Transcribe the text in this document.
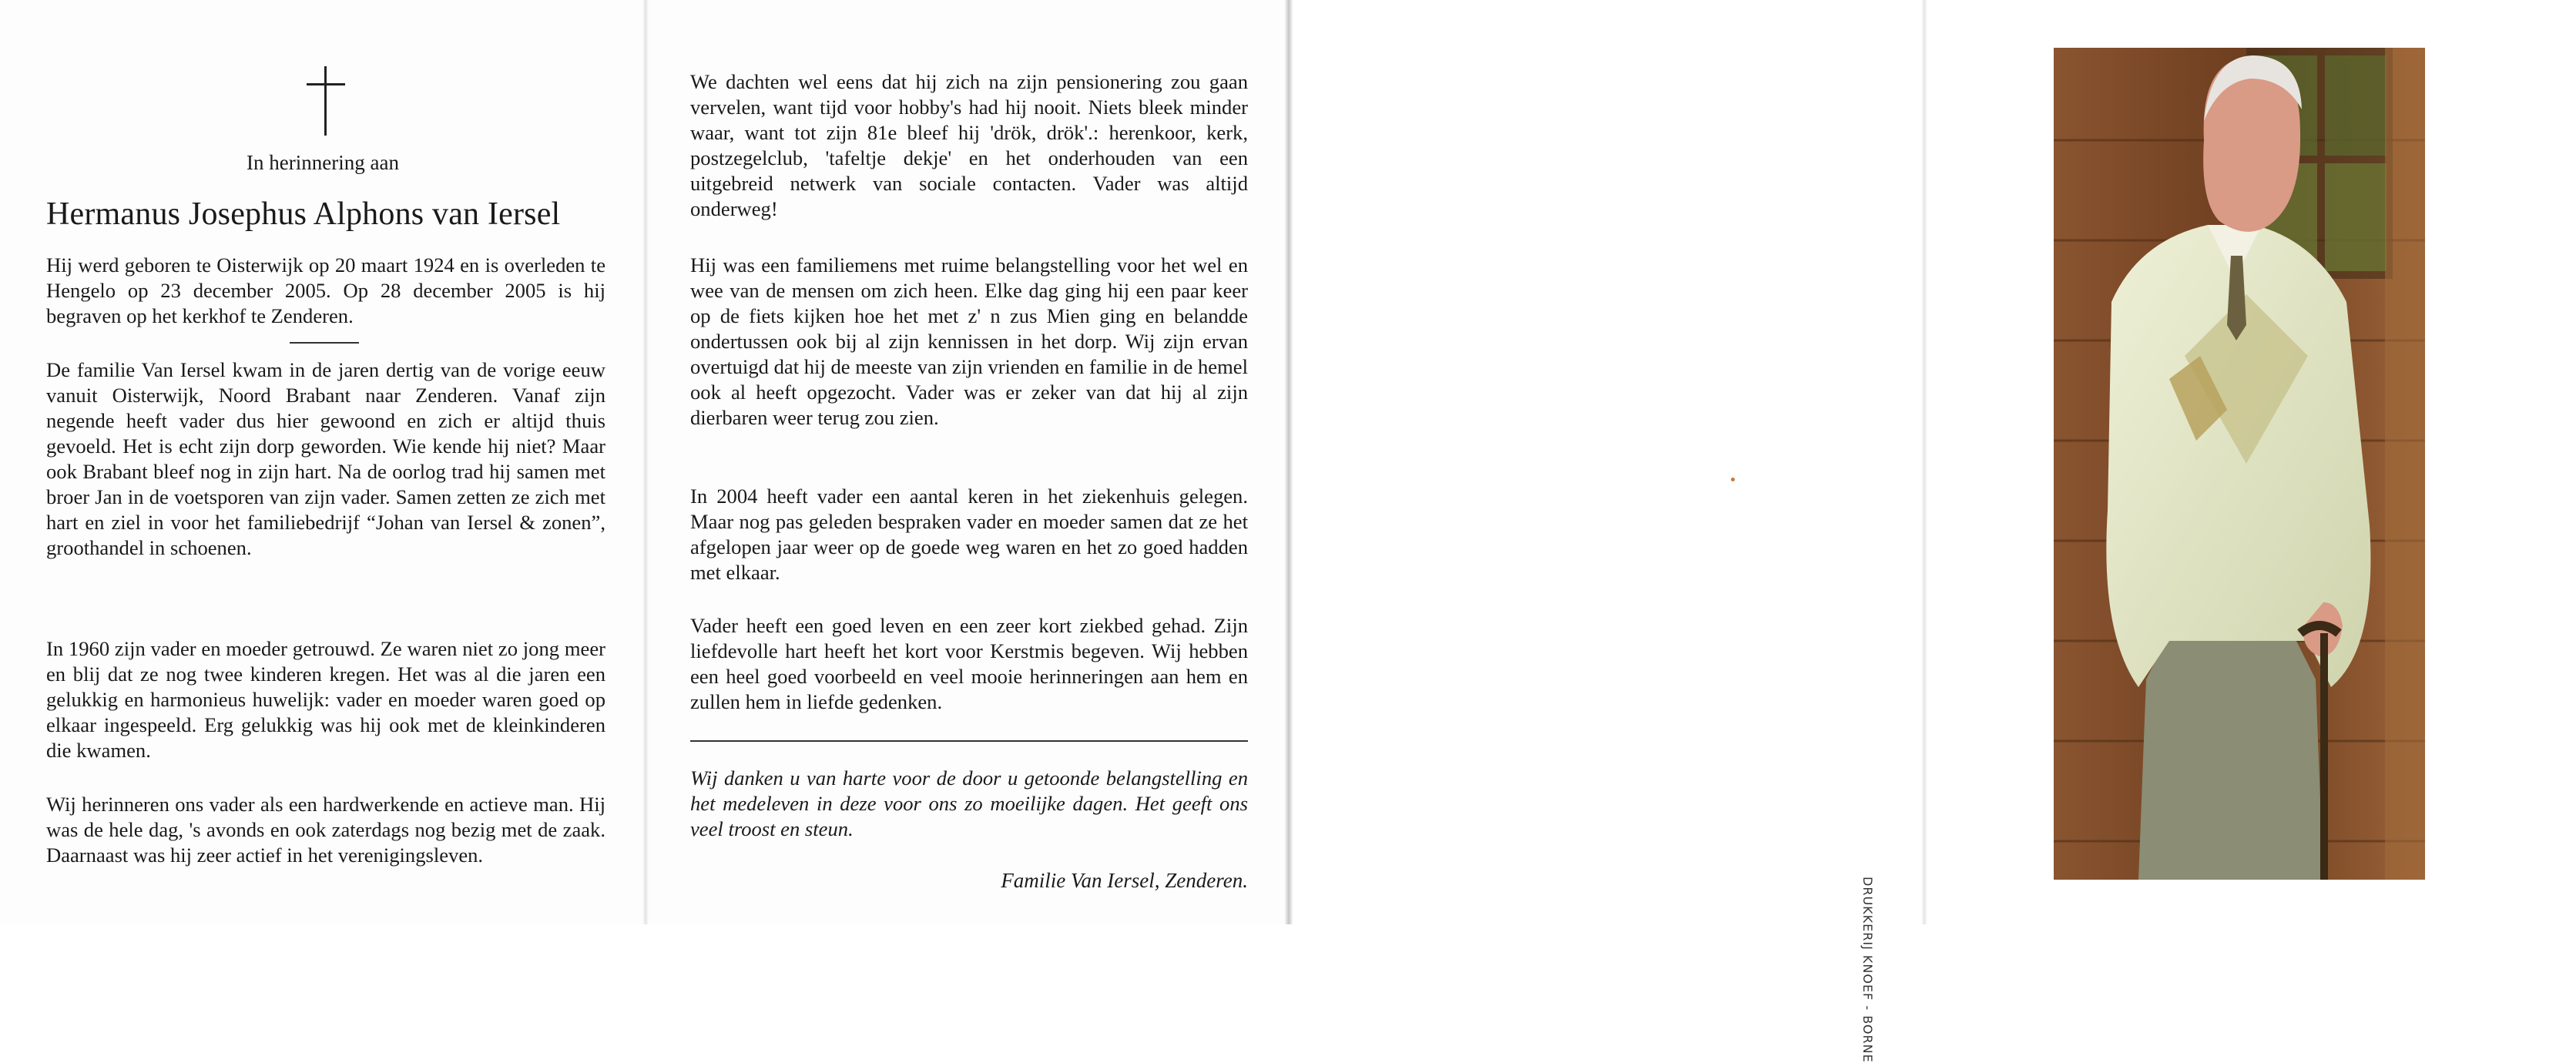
In herinnering aan
Hermanus Josephus Alphons van Iersel

Hij werd geboren te Oisterwijk op 20 maart 1924 en is overleden te Hengelo op 23 december 2005. Op 28 december 2005 is hij begraven op het kerkhof te Zenderen.

De familie Van Iersel kwam in de jaren dertig van de vorige eeuw vanuit Oisterwijk, Noord Brabant naar Zenderen. Vanaf zijn negende heeft vader dus hier gewoond en zich er altijd thuis gevoeld. Het is echt zijn dorp geworden. Wie kende hij niet? Maar ook Brabant bleef nog in zijn hart. Na de oorlog trad hij samen met broer Jan in de voetsporen van zijn vader. Samen zetten ze zich met hart en ziel in voor het familiebedrijf “Johan van Iersel & zonen”, groothandel in schoenen.

In 1960 zijn vader en moeder getrouwd. Ze waren niet zo jong meer en blij dat ze nog twee kinderen kregen. Het was al die jaren een gelukkig en harmonieus huwelijk: vader en moeder waren goed op elkaar ingespeeld. Erg gelukkig was hij ook met de kleinkinderen die kwamen.

Wij herinneren ons vader als een hardwerkende en actieve man. Hij was de hele dag, 's avonds en ook zaterdags nog bezig met de zaak. Daarnaast was hij zeer actief in het verenigingsleven.

We dachten wel eens dat hij zich na zijn pensionering zou gaan vervelen, want tijd voor hobby's had hij nooit. Niets bleek minder waar, want tot zijn 81e bleef hij 'drök, drök'.: herenkoor, kerk, postzegelclub, 'tafeltje dekje' en het onderhouden van een uitgebreid netwerk van sociale contacten. Vader was altijd onderweg!

Hij was een familiemens met ruime belangstelling voor het wel en wee van de mensen om zich heen. Elke dag ging hij een paar keer op de fiets kijken hoe het met z' n zus Mien ging en belandde ondertussen ook bij al zijn kennissen in het dorp. Wij zijn ervan overtuigd dat hij de meeste van zijn vrienden en familie in de hemel ook al heeft opgezocht. Vader was er zeker van dat hij al zijn dierbaren weer terug zou zien.

In 2004 heeft vader een aantal keren in het ziekenhuis gelegen. Maar nog pas geleden bespraken vader en moeder samen dat ze het afgelopen jaar weer op de goede weg waren en het zo goed hadden met elkaar.

Vader heeft een goed leven en een zeer kort ziekbed gehad. Zijn liefdevolle hart heeft het kort voor Kerstmis begeven. Wij hebben een heel goed voorbeeld en veel mooie herinneringen aan hem en zullen hem in liefde gedenken.

Wij danken u van harte voor de door u getoonde belangstelling en het medeleven in deze voor ons zo moeilijke dagen. Het geeft ons veel troost en steun.

Familie Van Iersel, Zenderen.	DRUKKERIJ KNOEF - BORNE
